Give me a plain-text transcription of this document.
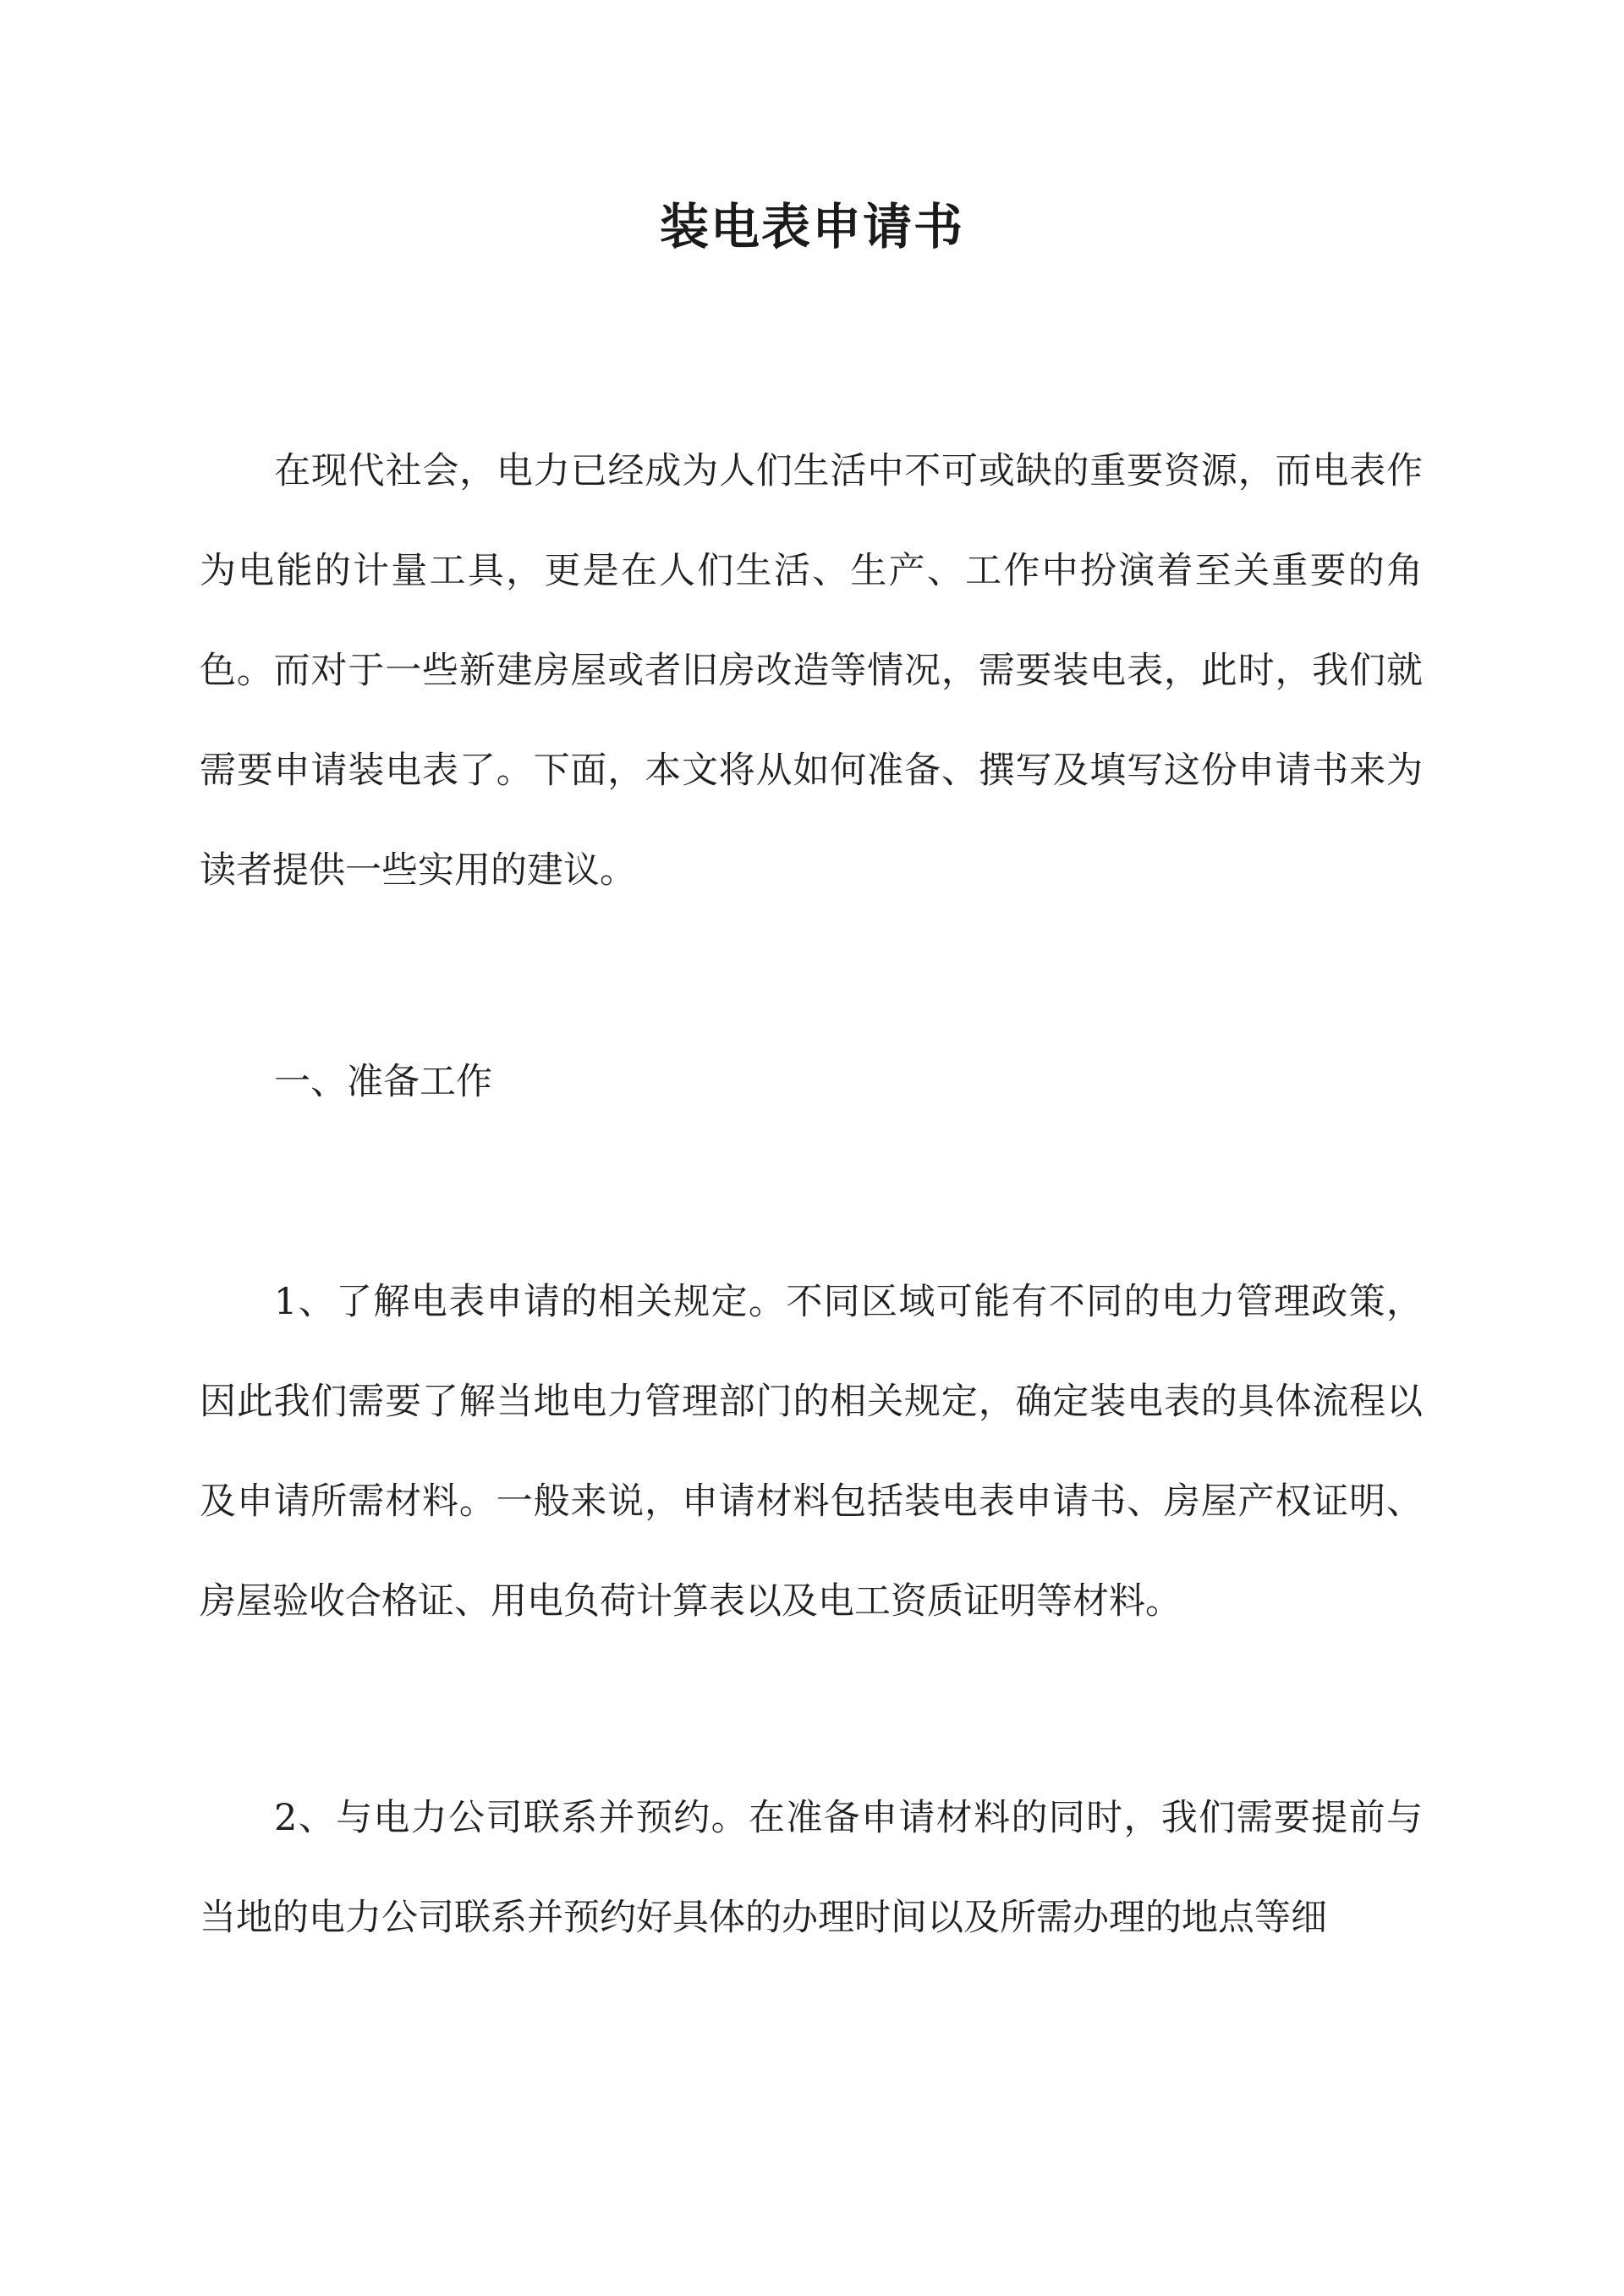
装电表申请书

在现代社会，电力已经成为人们生活中不可或缺的重要资源，而电表作为电能的计量工具，更是在人们生活、生产、工作中扮演着至关重要的角色。而对于一些新建房屋或者旧房改造等情况，需要装电表，此时，我们就需要申请装电表了。下面，本文将从如何准备、撰写及填写这份申请书来为读者提供一些实用的建议。

一、准备工作

1、了解电表申请的相关规定。不同区域可能有不同的电力管理政策，因此我们需要了解当地电力管理部门的相关规定，确定装电表的具体流程以及申请所需材料。一般来说，申请材料包括装电表申请书、房屋产权证明、房屋验收合格证、用电负荷计算表以及电工资质证明等材料。

2、与电力公司联系并预约。在准备申请材料的同时，我们需要提前与当地的电力公司联系并预约好具体的办理时间以及所需办理的地点等细
